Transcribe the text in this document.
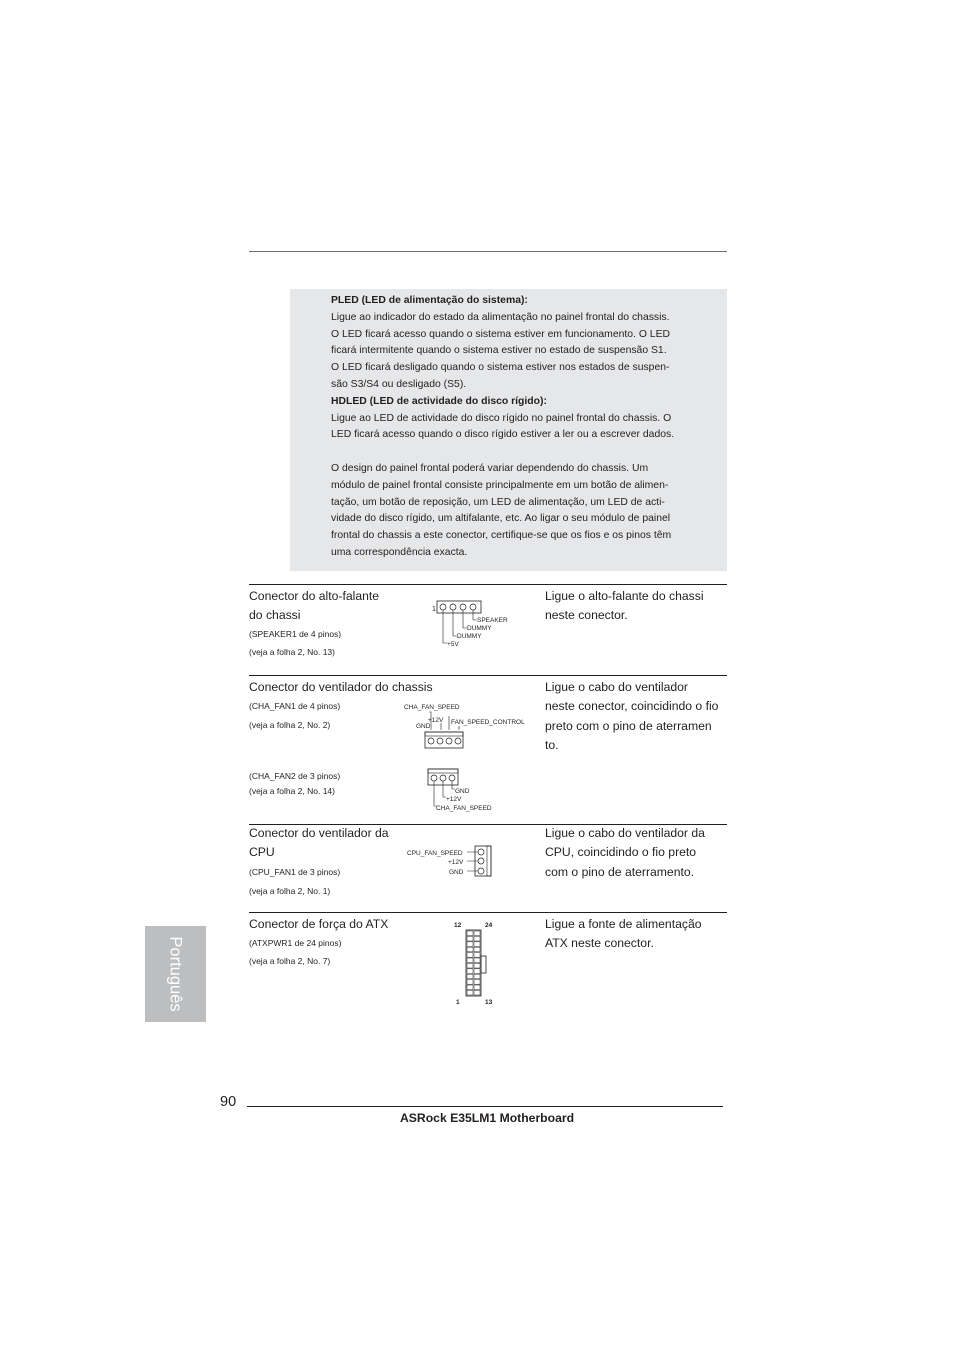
PLED (LED de alimentação do sistema):

Ligue ao indicador do estado da alimentação no painel frontal do chassis.

O LED ficará acesso quando o sistema estiver em funcionamento. O LED

ficará intermitente quando o sistema estiver no estado de suspensão S1.

O LED ficará desligado quando o sistema estiver nos estados de suspen-

são S3/S4 ou desligado (S5).

HDLED (LED de actividade do disco rígido):

Ligue ao LED de actividade do disco rígido no painel frontal do chassis. O

LED ficará acesso quando o disco rígido estiver a ler ou a escrever dados.

O design do painel frontal poderá variar dependendo do chassis. Um

módulo de painel frontal consiste principalmente em um botão de alimen-

tação, um botão de reposição, um LED de alimentação, um LED de acti-

vidade do disco rígido, um altifalante, etc. Ao ligar o seu módulo de painel

frontal do chassis a este conector, certifique-se que os fios e os pinos têm

uma correspondência exacta.

Conector do alto-falante
do chassi
(SPEAKER1 de 4 pinos)
(veja a folha 2, No. 13)
Ligue o alto-falante do chassi
neste conector.
1
SPEAKER
DUMMY
DUMMY
+5V
Conector do ventilador do chassis
(CHA_FAN1 de 4 pinos)
(veja a folha 2, No. 2)
(CHA_FAN2 de 3 pinos)
(veja a folha 2, No. 14)
Ligue o cabo do ventilador
neste conector, coincidindo o fio
preto com o pino de aterramen
to.
CHA_FAN_SPEED
+12V FAN_SPEED_CONTROL
GND
GND
+12V
CHA_FAN_SPEED
Conector do ventilador da
CPU
(CPU_FAN1 de 3 pinos)
(veja a folha 2, No. 1)
Ligue o cabo do ventilador da
CPU, coincidindo o fio preto
com o pino de aterramento.
CPU_FAN_SPEED
+12V
GND
Conector de força do ATX
(ATXPWR1 de 24 pinos)
(veja a folha 2, No. 7)
Ligue a fonte de alimentação
ATX neste conector.
12	24
1	13
Português
90
ASRock E35LM1 Motherboard
